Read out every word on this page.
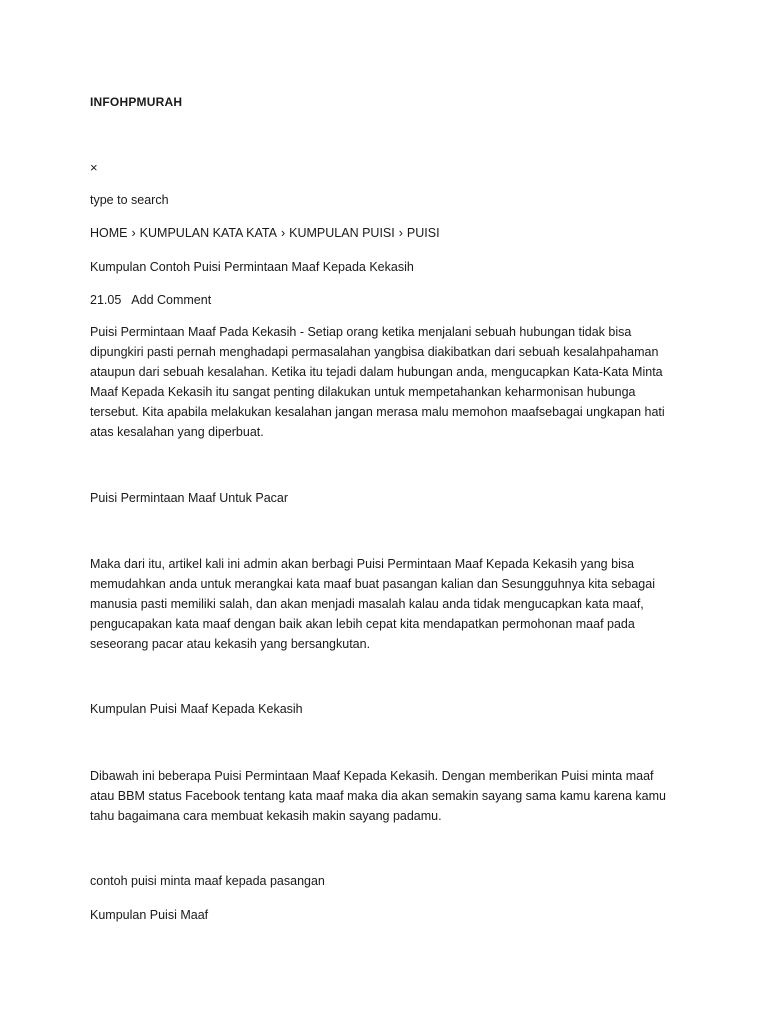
INFOHPMURAH
×
type to search
HOME › KUMPULAN KATA KATA › KUMPULAN PUISI › PUISI
Kumpulan Contoh Puisi Permintaan Maaf Kepada Kekasih
21.05 Add Comment
Puisi Permintaan Maaf Pada Kekasih - Setiap orang ketika menjalani sebuah hubungan tidak bisa
dipungkiri pasti pernah menghadapi permasalahan yangbisa diakibatkan dari sebuah kesalahpahaman
ataupun dari sebuah kesalahan. Ketika itu tejadi dalam hubungan anda, mengucapkan Kata-Kata Minta
Maaf Kepada Kekasih itu sangat penting dilakukan untuk mempetahankan keharmonisan hubunga
tersebut. Kita apabila melakukan kesalahan jangan merasa malu memohon maafsebagai ungkapan hati
atas kesalahan yang diperbuat.
Puisi Permintaan Maaf Untuk Pacar
Maka dari itu, artikel kali ini admin akan berbagi Puisi Permintaan Maaf Kepada Kekasih yang bisa
memudahkan anda untuk merangkai kata maaf buat pasangan kalian dan Sesungguhnya kita sebagai
manusia pasti memiliki salah, dan akan menjadi masalah kalau anda tidak mengucapkan kata maaf,
pengucapakan kata maaf dengan baik akan lebih cepat kita mendapatkan permohonan maaf pada
seseorang pacar atau kekasih yang bersangkutan.
Kumpulan Puisi Maaf Kepada Kekasih
Dibawah ini beberapa Puisi Permintaan Maaf Kepada Kekasih. Dengan memberikan Puisi minta maaf
atau BBM status Facebook tentang kata maaf maka dia akan semakin sayang sama kamu karena kamu
tahu bagaimana cara membuat kekasih makin sayang padamu.
contoh puisi minta maaf kepada pasangan
Kumpulan Puisi Maaf
